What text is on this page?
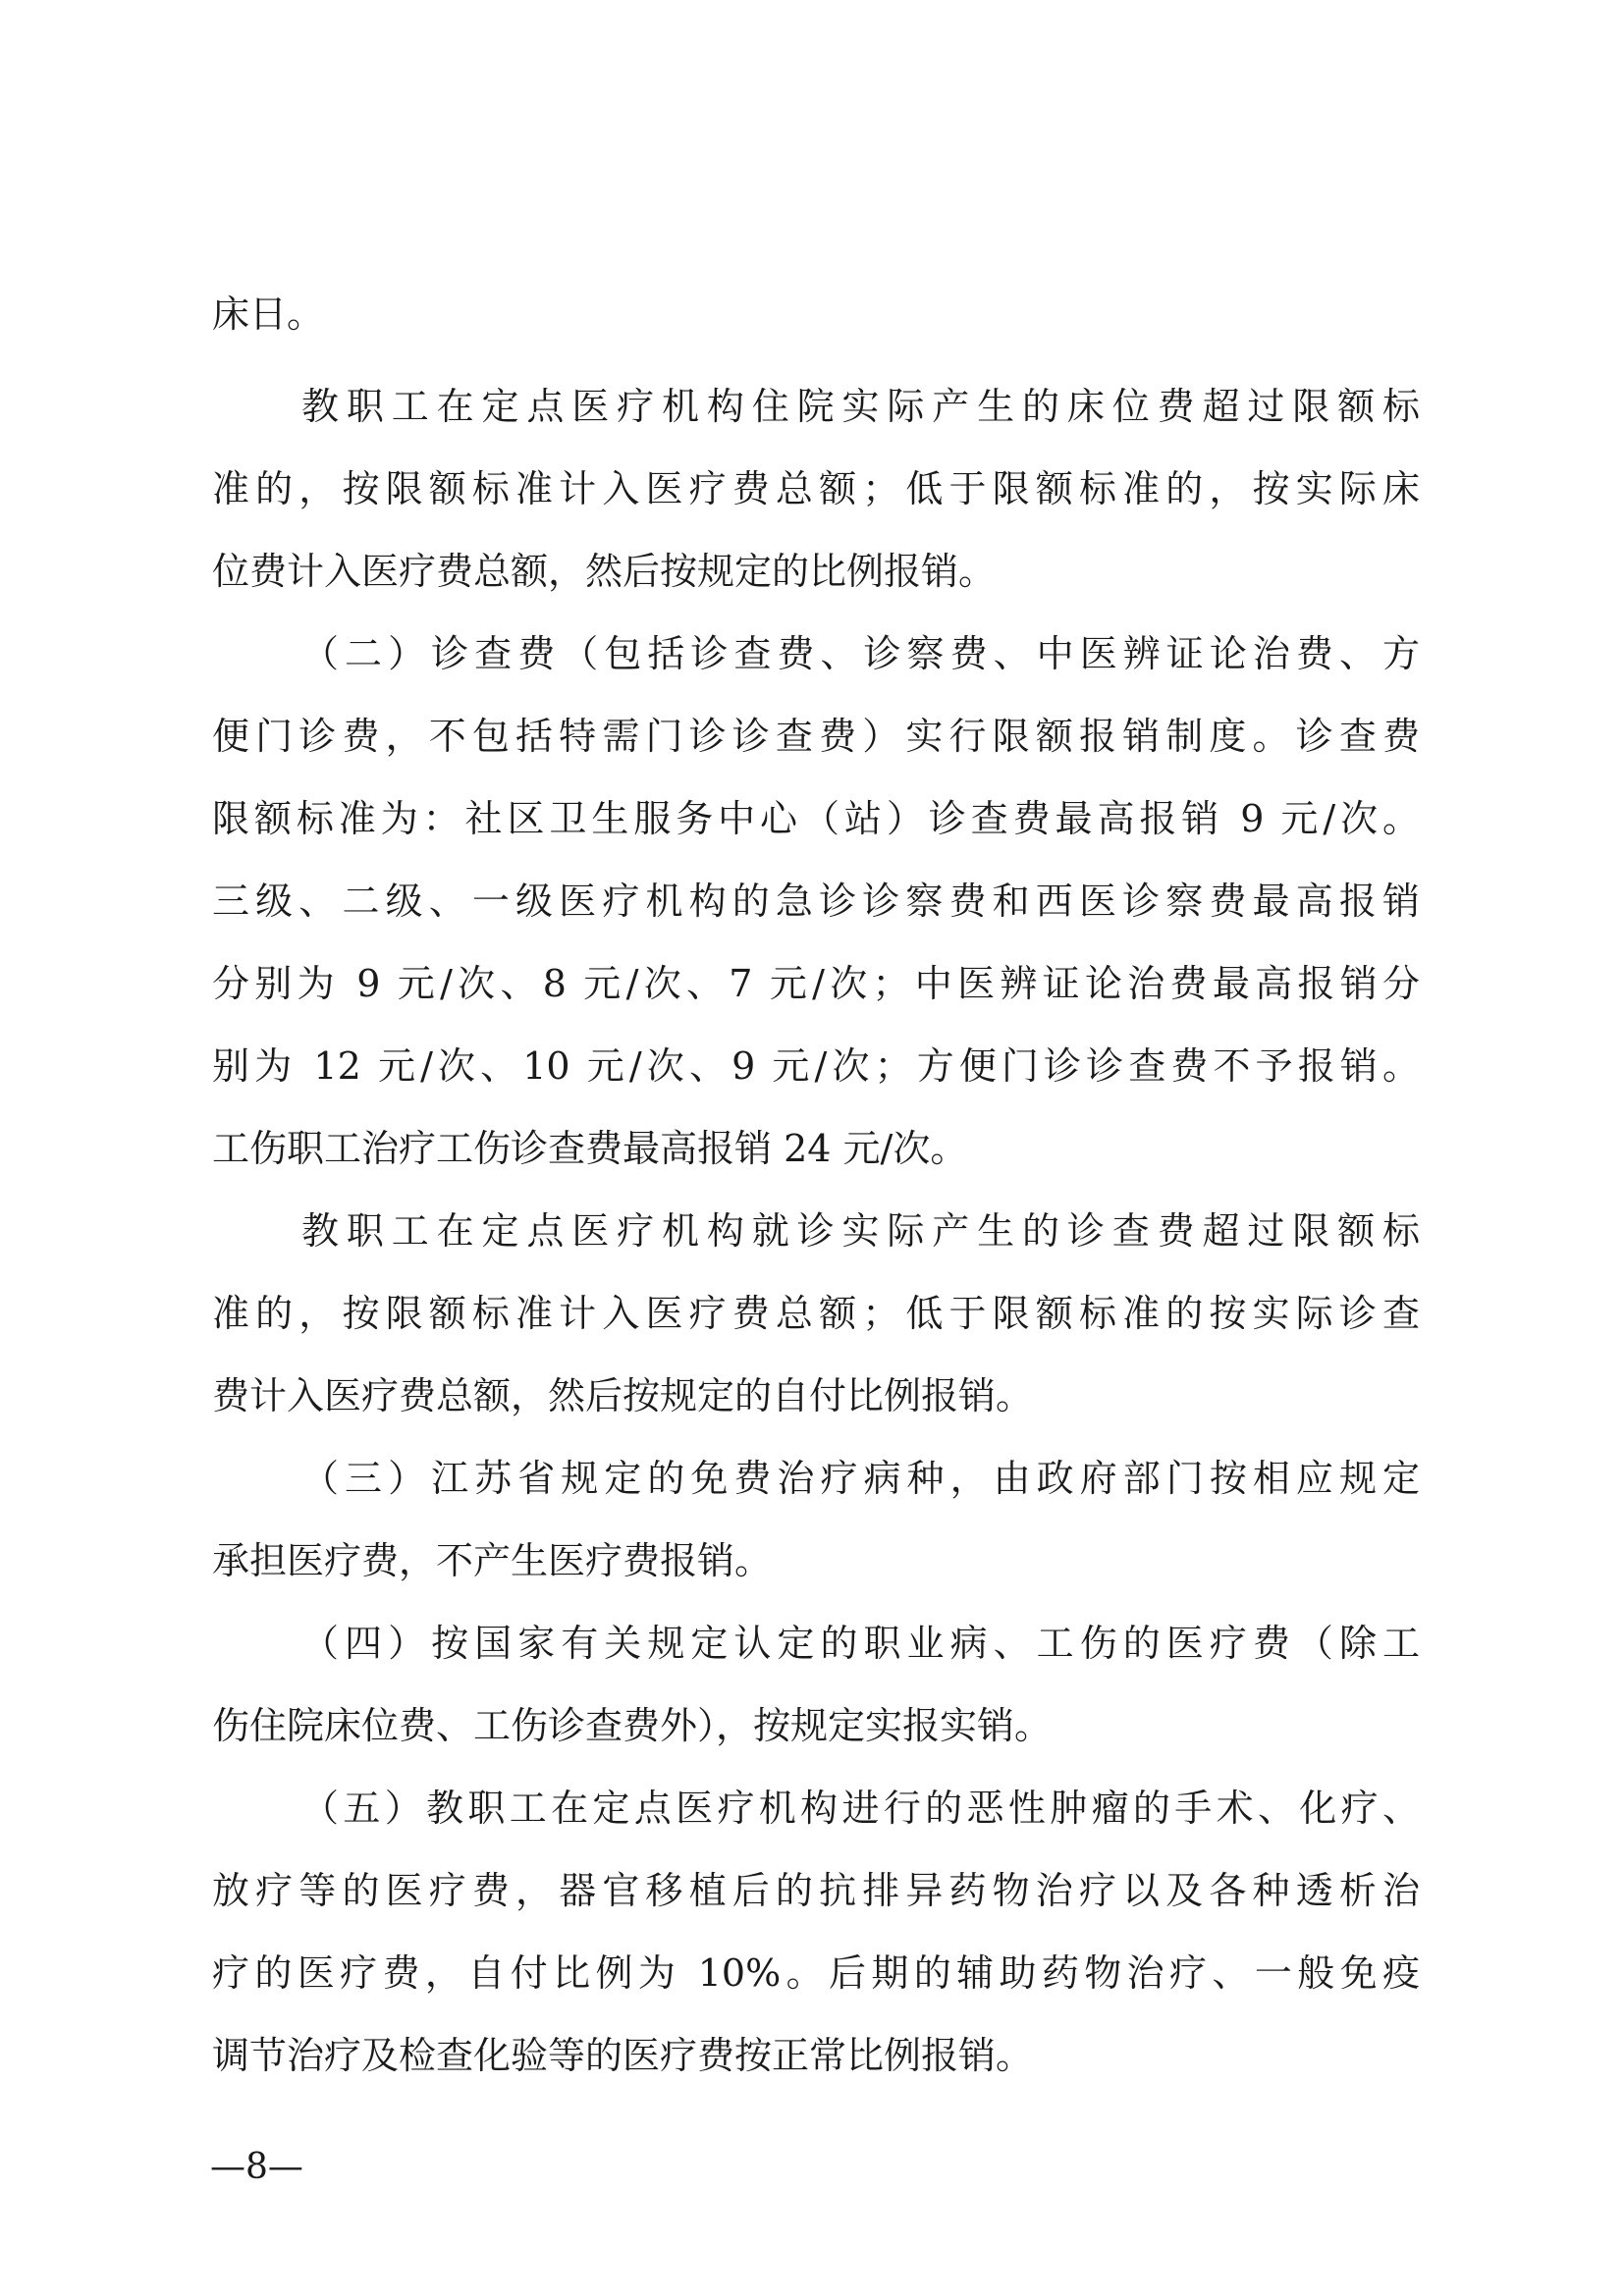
床日。
教职工在定点医疗机构住院实际产生的床位费超过限额标
准的，按限额标准计入医疗费总额；低于限额标准的，按实际床
位费计入医疗费总额，然后按规定的比例报销。
（二）诊查费（包括诊查费、诊察费、中医辨证论治费、方
便门诊费，不包括特需门诊诊查费）实行限额报销制度。诊查费
限额标准为：社区卫生服务中心（站）诊查费最高报销 9 元/次。
三级、二级、一级医疗机构的急诊诊察费和西医诊察费最高报销
分别为 9 元/次、8 元/次、7 元/次；中医辨证论治费最高报销分
别为 12 元/次、10 元/次、9 元/次；方便门诊诊查费不予报销。
工伤职工治疗工伤诊查费最高报销 24 元/次。
教职工在定点医疗机构就诊实际产生的诊查费超过限额标
准的，按限额标准计入医疗费总额；低于限额标准的按实际诊查
费计入医疗费总额，然后按规定的自付比例报销。
（三）江苏省规定的免费治疗病种，由政府部门按相应规定
承担医疗费，不产生医疗费报销。
（四）按国家有关规定认定的职业病、工伤的医疗费（除工
伤住院床位费、工伤诊查费外），按规定实报实销。
（五）教职工在定点医疗机构进行的恶性肿瘤的手术、化疗、
放疗等的医疗费，器官移植后的抗排异药物治疗以及各种透析治
疗的医疗费，自付比例为 10%。后期的辅助药物治疗、一般免疫
调节治疗及检查化验等的医疗费按正常比例报销。
—8—
